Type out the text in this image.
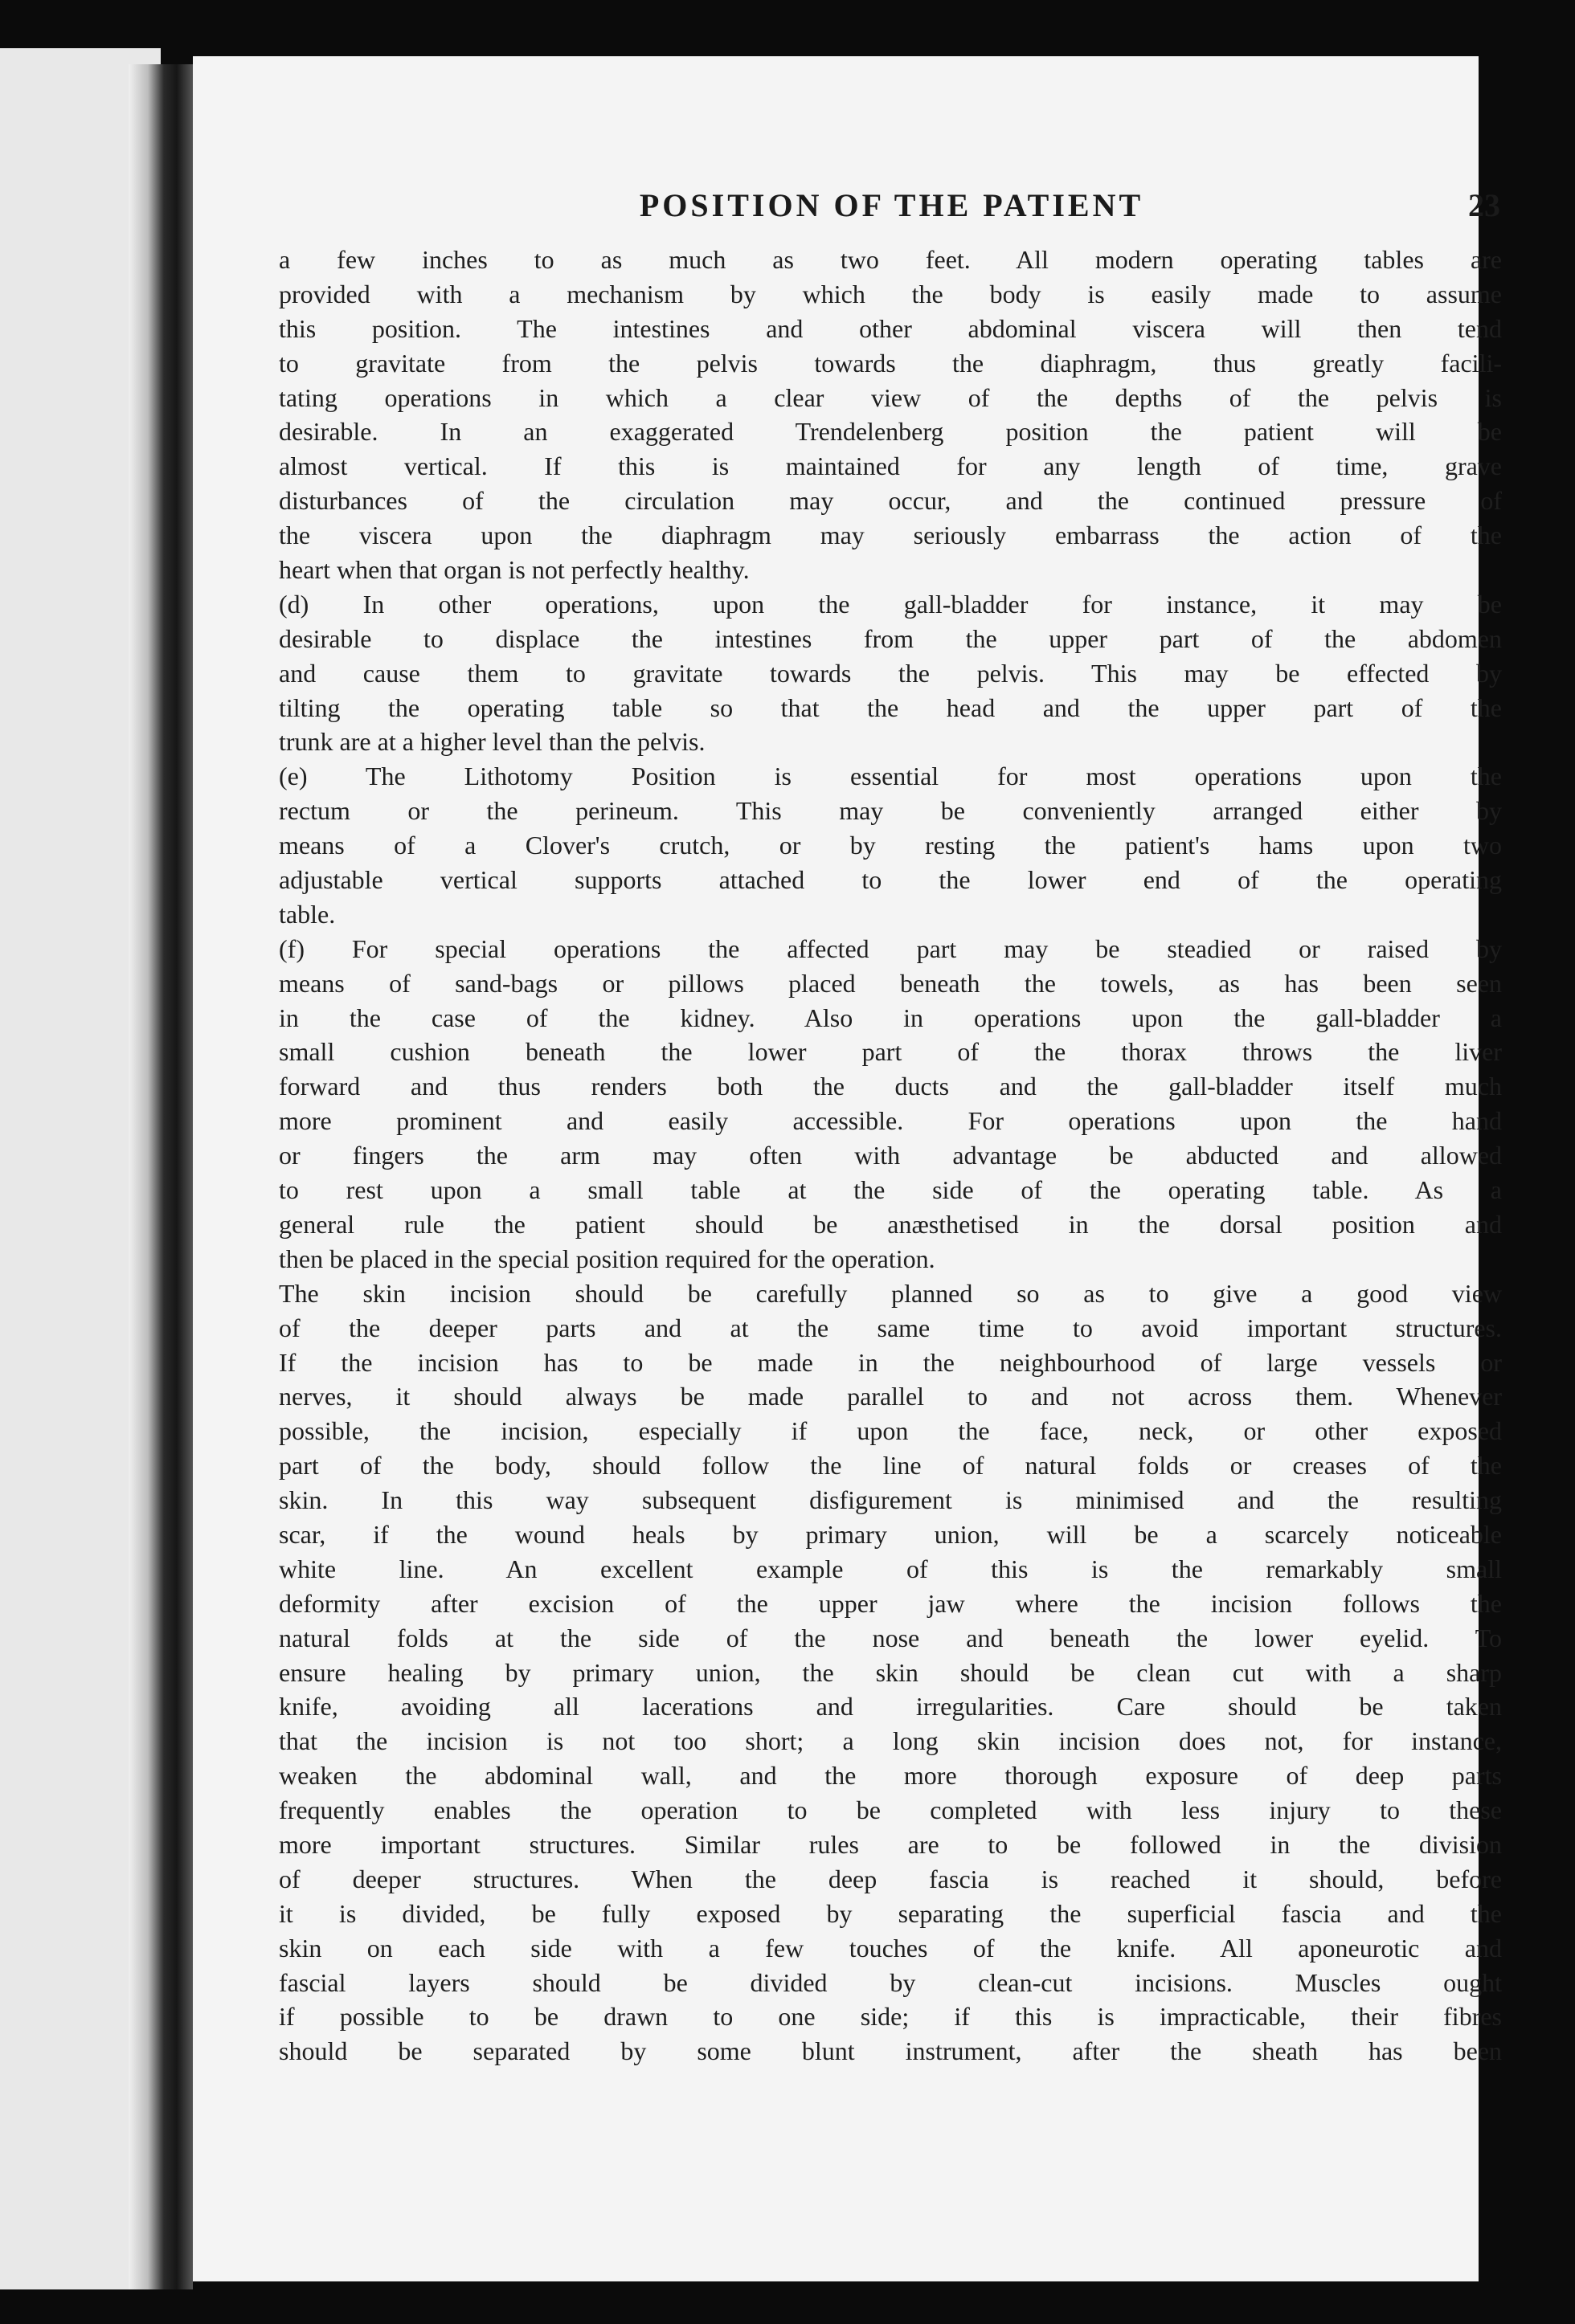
POSITION OF THE PATIENT	23
a few inches to as much as two feet. All modern operating tables are
provided with a mechanism by which the body is easily made to assume
this position. The intestines and other abdominal viscera will then tend
to gravitate from the pelvis towards the diaphragm, thus greatly facili-
tating operations in which a clear view of the depths of the pelvis is
desirable. In an exaggerated Trendelenberg position the patient will be
almost vertical. If this is maintained for any length of time, grave
disturbances of the circulation may occur, and the continued pressure of
the viscera upon the diaphragm may seriously embarrass the action of the
heart when that organ is not perfectly healthy.
(d) In other operations, upon the gall-bladder for instance, it may be
desirable to displace the intestines from the upper part of the abdomen
and cause them to gravitate towards the pelvis. This may be effected by
tilting the operating table so that the head and the upper part of the
trunk are at a higher level than the pelvis.
(e) The Lithotomy Position is essential for most operations upon the
rectum or the perineum. This may be conveniently arranged either by
means of a Clover's crutch, or by resting the patient's hams upon two
adjustable vertical supports attached to the lower end of the operating
table.
(f) For special operations the affected part may be steadied or raised by
means of sand-bags or pillows placed beneath the towels, as has been seen
in the case of the kidney. Also in operations upon the gall-bladder a
small cushion beneath the lower part of the thorax throws the liver
forward and thus renders both the ducts and the gall-bladder itself much
more prominent and easily accessible. For operations upon the hand
or fingers the arm may often with advantage be abducted and allowed
to rest upon a small table at the side of the operating table. As a
general rule the patient should be anæsthetised in the dorsal position and
then be placed in the special position required for the operation.
The skin incision should be carefully planned so as to give a good view
of the deeper parts and at the same time to avoid important structures.
If the incision has to be made in the neighbourhood of large vessels or
nerves, it should always be made parallel to and not across them. Whenever
possible, the incision, especially if upon the face, neck, or other exposed
part of the body, should follow the line of natural folds or creases of the
skin. In this way subsequent disfigurement is minimised and the resulting
scar, if the wound heals by primary union, will be a scarcely noticeable
white line. An excellent example of this is the remarkably small
deformity after excision of the upper jaw where the incision follows the
natural folds at the side of the nose and beneath the lower eyelid. To
ensure healing by primary union, the skin should be clean cut with a sharp
knife, avoiding all lacerations and irregularities. Care should be taken
that the incision is not too short; a long skin incision does not, for instance,
weaken the abdominal wall, and the more thorough exposure of deep parts
frequently enables the operation to be completed with less injury to these
more important structures. Similar rules are to be followed in the division
of deeper structures. When the deep fascia is reached it should, before
it is divided, be fully exposed by separating the superficial fascia and the
skin on each side with a few touches of the knife. All aponeurotic and
fascial layers should be divided by clean-cut incisions. Muscles ought
if possible to be drawn to one side; if this is impracticable, their fibres
should be separated by some blunt instrument, after the sheath has been
